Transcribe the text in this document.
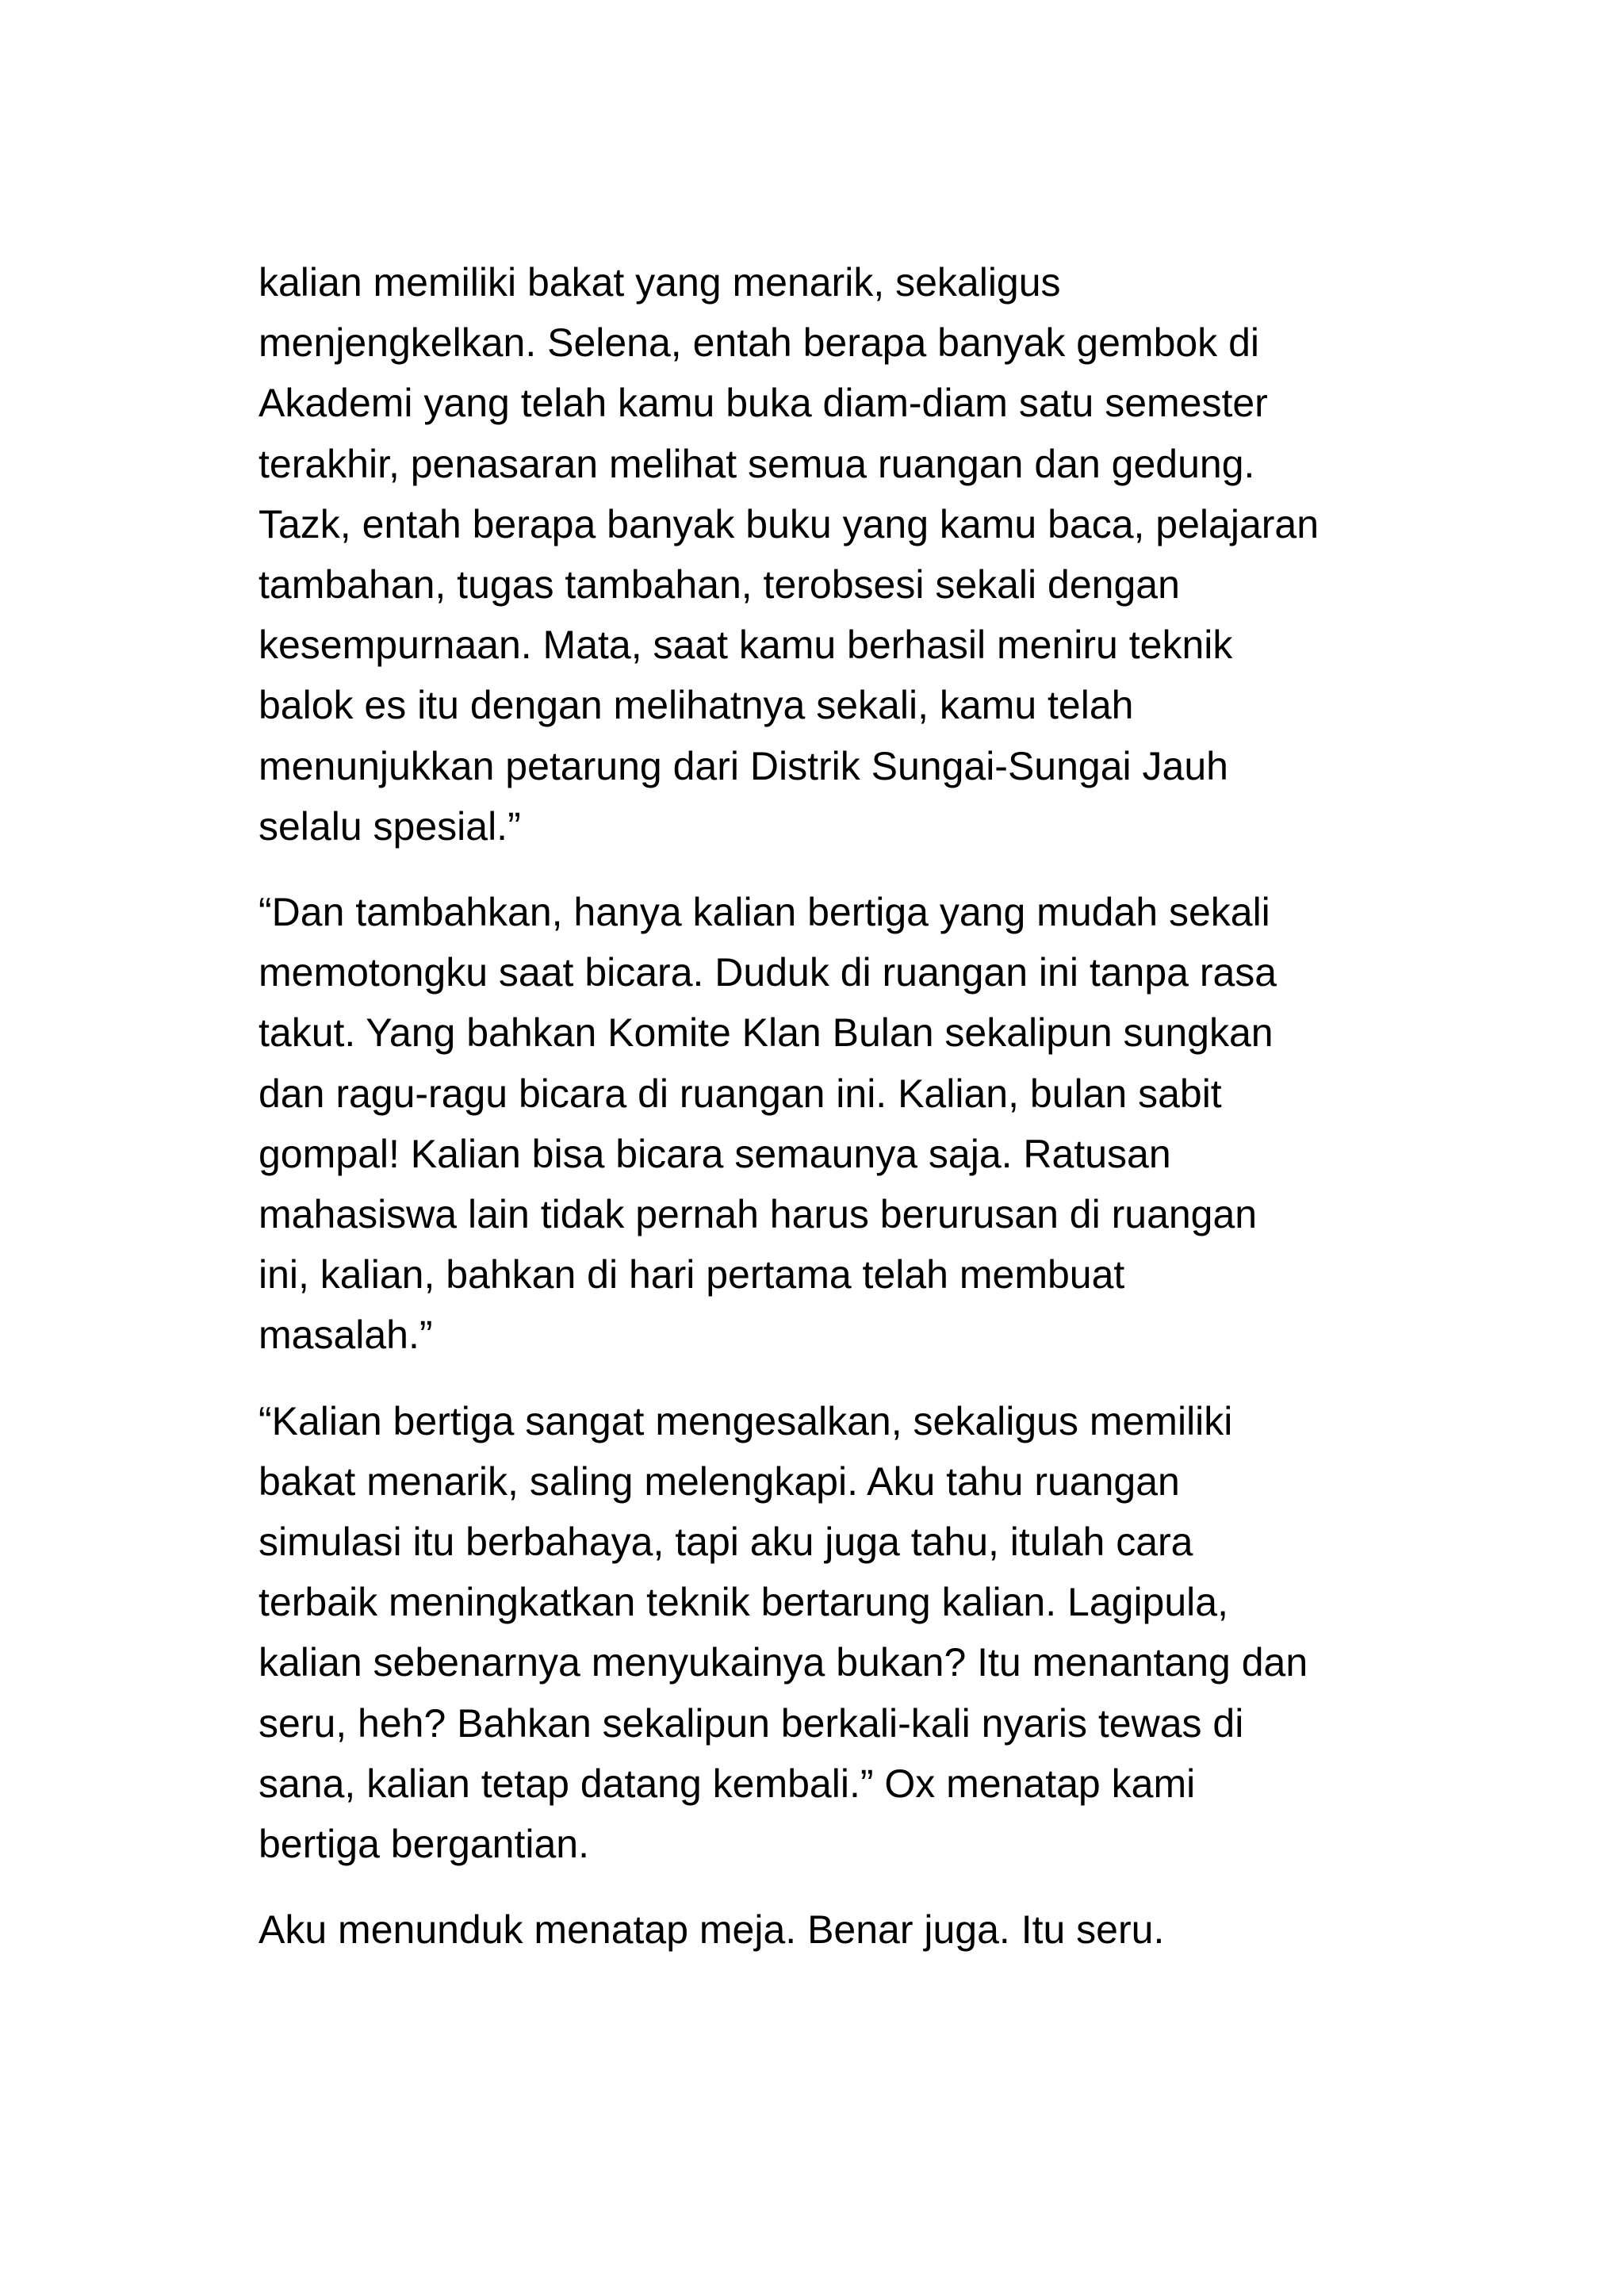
kalian memiliki bakat yang menarik, sekaligus
menjengkelkan. Selena, entah berapa banyak gembok di
Akademi yang telah kamu buka diam-diam satu semester
terakhir, penasaran melihat semua ruangan dan gedung.
Tazk, entah berapa banyak buku yang kamu baca, pelajaran
tambahan, tugas tambahan, terobsesi sekali dengan
kesempurnaan. Mata, saat kamu berhasil meniru teknik
balok es itu dengan melihatnya sekali, kamu telah
menunjukkan petarung dari Distrik Sungai-Sungai Jauh
selalu spesial.”

“Dan tambahkan, hanya kalian bertiga yang mudah sekali
memotongku saat bicara. Duduk di ruangan ini tanpa rasa
takut. Yang bahkan Komite Klan Bulan sekalipun sungkan
dan ragu-ragu bicara di ruangan ini. Kalian, bulan sabit
gompal! Kalian bisa bicara semaunya saja. Ratusan
mahasiswa lain tidak pernah harus berurusan di ruangan
ini, kalian, bahkan di hari pertama telah membuat
masalah.”

“Kalian bertiga sangat mengesalkan, sekaligus memiliki
bakat menarik, saling melengkapi. Aku tahu ruangan
simulasi itu berbahaya, tapi aku juga tahu, itulah cara
terbaik meningkatkan teknik bertarung kalian. Lagipula,
kalian sebenarnya menyukainya bukan? Itu menantang dan
seru, heh? Bahkan sekalipun berkali-kali nyaris tewas di
sana, kalian tetap datang kembali.” Ox menatap kami
bertiga bergantian.

Aku menunduk menatap meja. Benar juga. Itu seru.
